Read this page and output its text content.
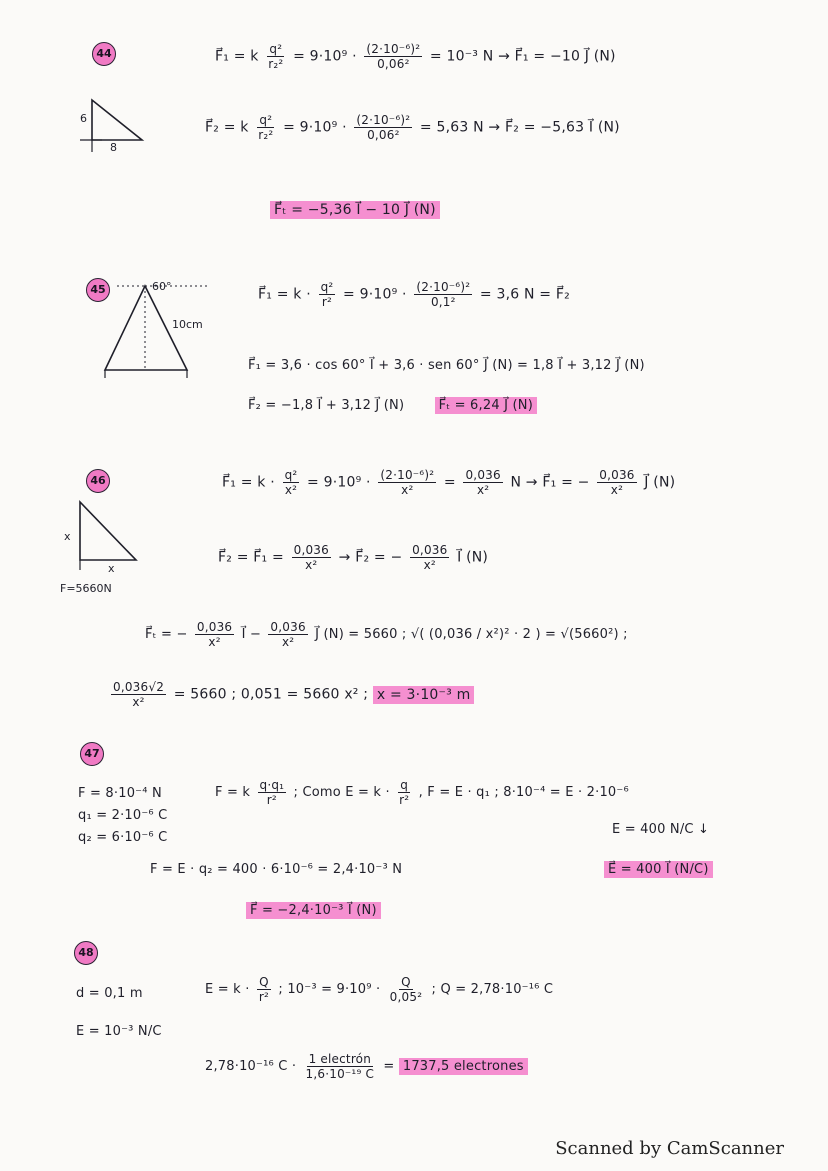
44
6
8
F⃗₁ = k $\frac{\text{q²}}{\text{r₂²}} = 9\cdot 10^9 \cdot \frac{\text{(2·10⁻⁶)²}}{\text{0,06²}} = 10^{-3}$ N → F⃗₁ = −10 J⃗ (N)
F⃗₂ = k $\frac{\text{q²}}{\text{r₂²}} = 9\cdot 10^9 \cdot \frac{\text{(2·10⁻⁶)²}}{\text{0,06²}} = 5,63$ N → F⃗₂ = −5,63 I⃗ (N)
F⃗ₜ = −5,36 I⃗ − 10 J⃗ (N)
45	60°
10cm
F⃗₁ = $k \cdot \frac{\text{q²}}{\text{r²}} = 9\cdot 10^9 \cdot \frac{\text{(2·10⁻⁶)²}}{\text{0,1²}} = 3,6$ N = F⃗₂
F⃗₁ = 3,6 · cos 60° I⃗ + 3,6 · sen 60° J⃗ (N) = 1,8 I⃗ + 3,12 J⃗ (N)
F⃗₂ = −1,8 I⃗ + 3,12 J⃗ (N)	F⃗ₜ = 6,24 J⃗ (N)
46
x
x
F=5660N
F⃗₁ = $k \cdot \frac{\text{q²}}{\text{x²}} = 9\cdot 10^9 \cdot \frac{\text{(2·10⁻⁶)²}}{\text{x²}} = \frac{0,036}{\text{x²}}$ N → F⃗₁ = − $\frac{0,036}{\text{x²}}$ J⃗ (N)
F⃗₂ = F⃗₁ = $\frac{0,036}{\text{x²}}$ → F⃗₂ = − $\frac{0,036}{\text{x²}}$ I⃗ (N)
F⃗ₜ = − $\frac{0,036}{\text{x²}}$ I⃗ − $\frac{0,036}{\text{x²}}$ J⃗ (N) = 5660 ; √( (0,036 / x²)² · 2 ) = √(5660²) ;
$\frac{0,036√2}{\text{x²}} = 5660$ ; 0,051 = 5660 x² ; x = 3·10⁻³ m
47
F = 8·10⁻⁴ N
q₁ = 2·10⁻⁶ C
q₂ = 6·10⁻⁶ C
F = k $\frac{\text{q·q₁}}{\text{r²}}$ ; Como $E = k \cdot \frac{q}{\text{r²}}$ , F = E · q₁ ; 8·10⁻⁴ = E · 2·10⁻⁶
E = 400 N/C ↓
F = E · q₂ = 400 · 6·10⁻⁶ = 2,4·10⁻³ N	E⃗ = 400 I⃗ (N/C)
F⃗ = −2,4·10⁻³ I⃗ (N)
48
d = 0,1 m
E = 10⁻³ N/C
$E = k \cdot \frac{Q}{\text{r²}}$ ; $10^{-3} = 9\cdot 10^9 \cdot \frac{Q}{\text{0,05²}}$ ; Q = 2,78·10⁻¹⁶ C
2,78·10⁻¹⁶ $C \cdot \frac{\text{1 electrón}}{\text{1,6·10⁻¹⁹ C}} = 1737,5$ electrones
Scanned by CamScanner
